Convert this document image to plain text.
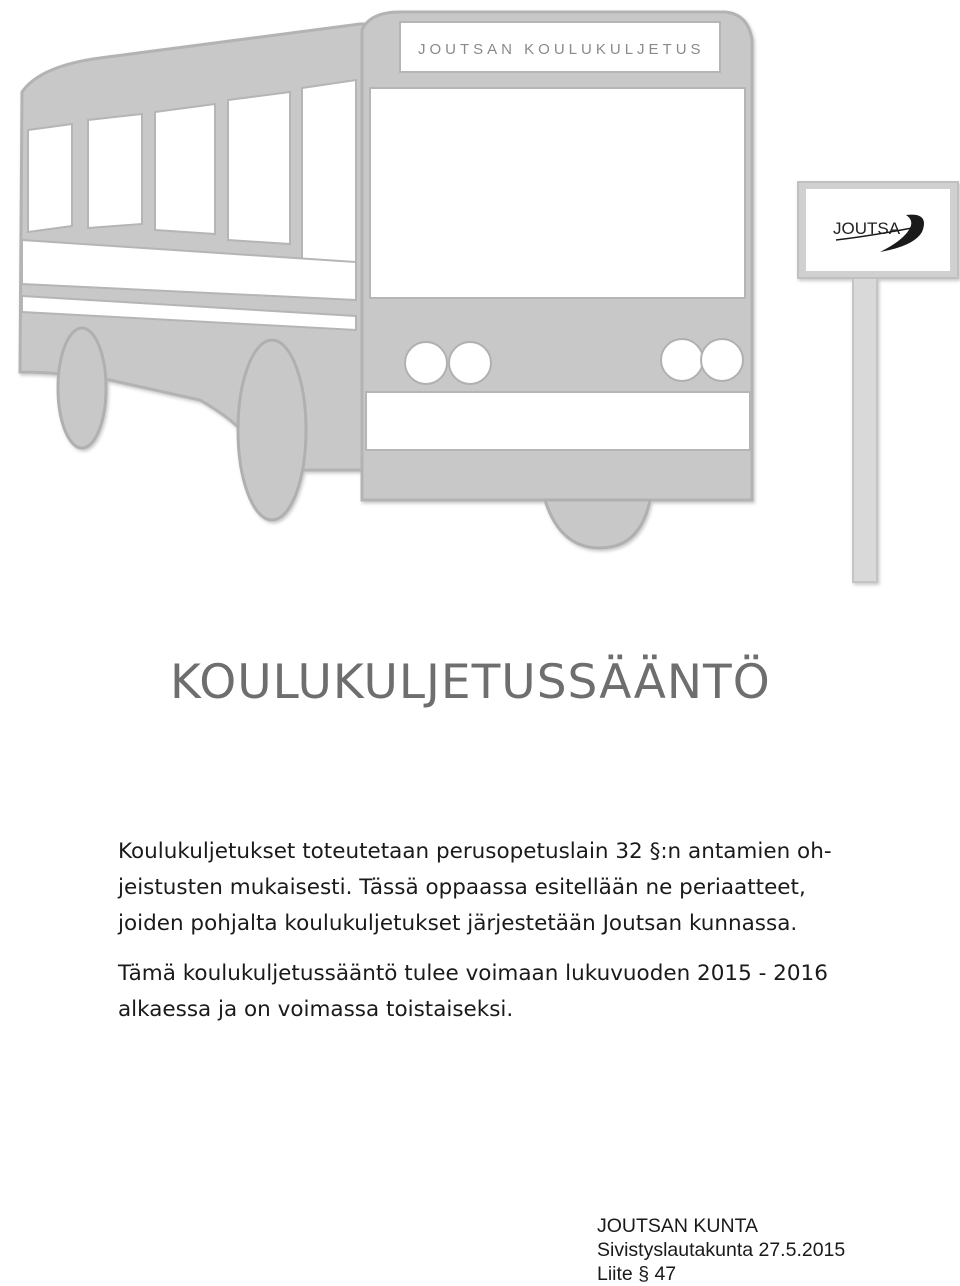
JOUTSAN KOULUKULJETUS
JOUTSA
KOULUKULJETUSSÄÄNTÖ

Koulukuljetukset toteutetaan perusopetuslain 32 §:n antamien oh-
jeistusten mukaisesti. Tässä oppaassa esitellään ne periaatteet,
joiden pohjalta koulukuljetukset järjestetään Joutsan kunnassa.

Tämä koulukuljetussääntö tulee voimaan lukuvuoden 2015 - 2016
alkaessa ja on voimassa toistaiseksi.

JOUTSAN KUNTA
Sivistyslautakunta 27.5.2015
Liite § 47
